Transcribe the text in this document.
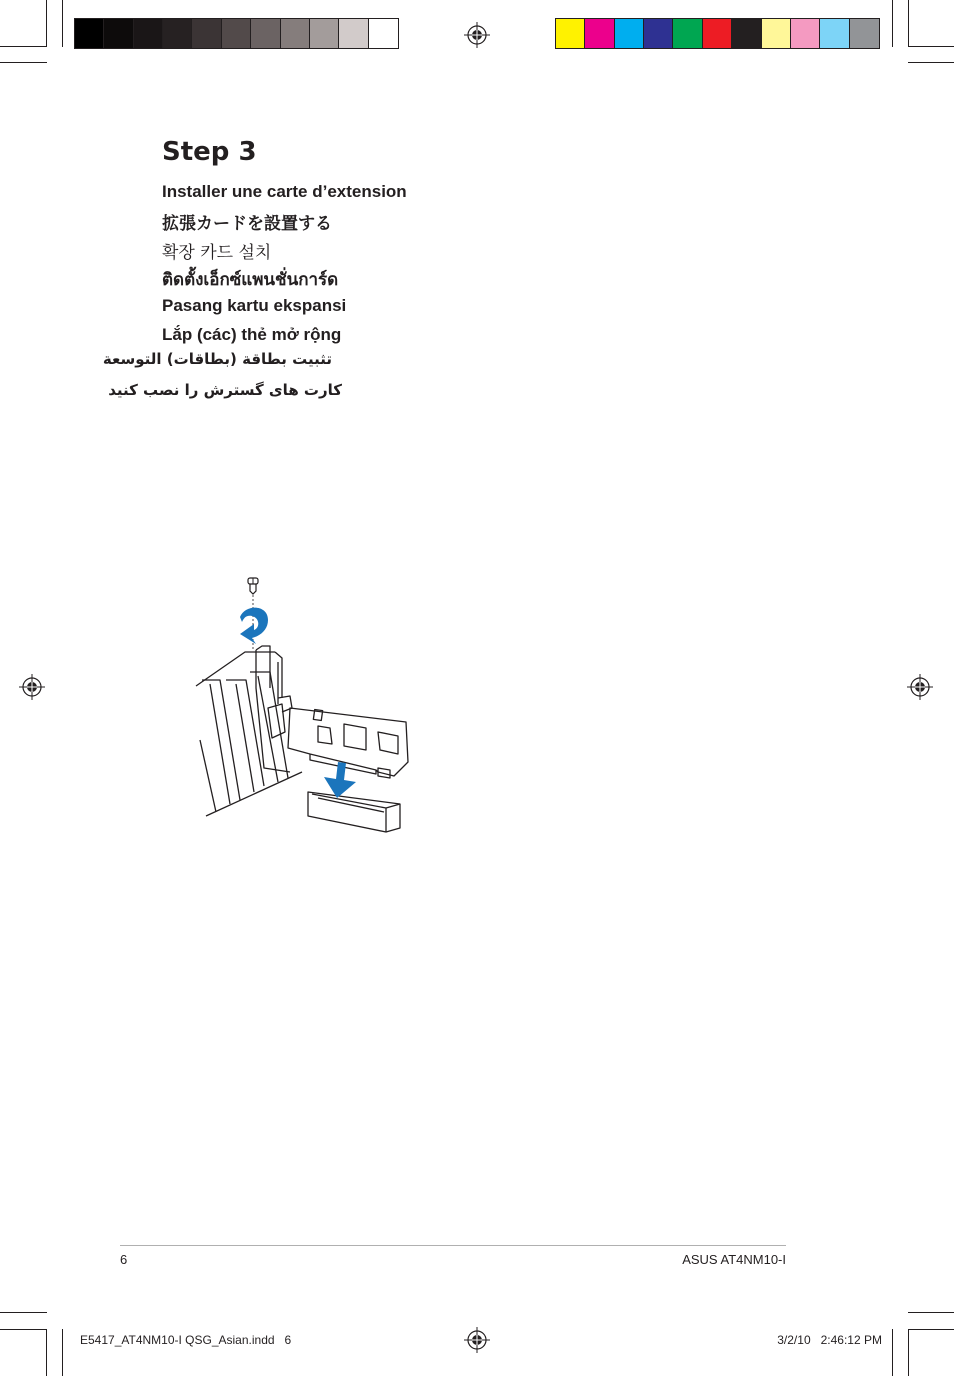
Step 3
Installer une carte d’extension
拡張カードを設置する
확장 카드 설치
ติดตั้งเอ็กซ์แพนชั่นการ์ด
Pasang kartu ekspansi
Lắp (các) thẻ mở rộng
تثبيت بطاقة (بطاقات) التوسعة
کارت های گسترش را نصب کنید
6	ASUS AT4NM10-I
E5417_AT4NM10-I QSG_Asian.indd   6	3/2/10   2:46:12 PM
